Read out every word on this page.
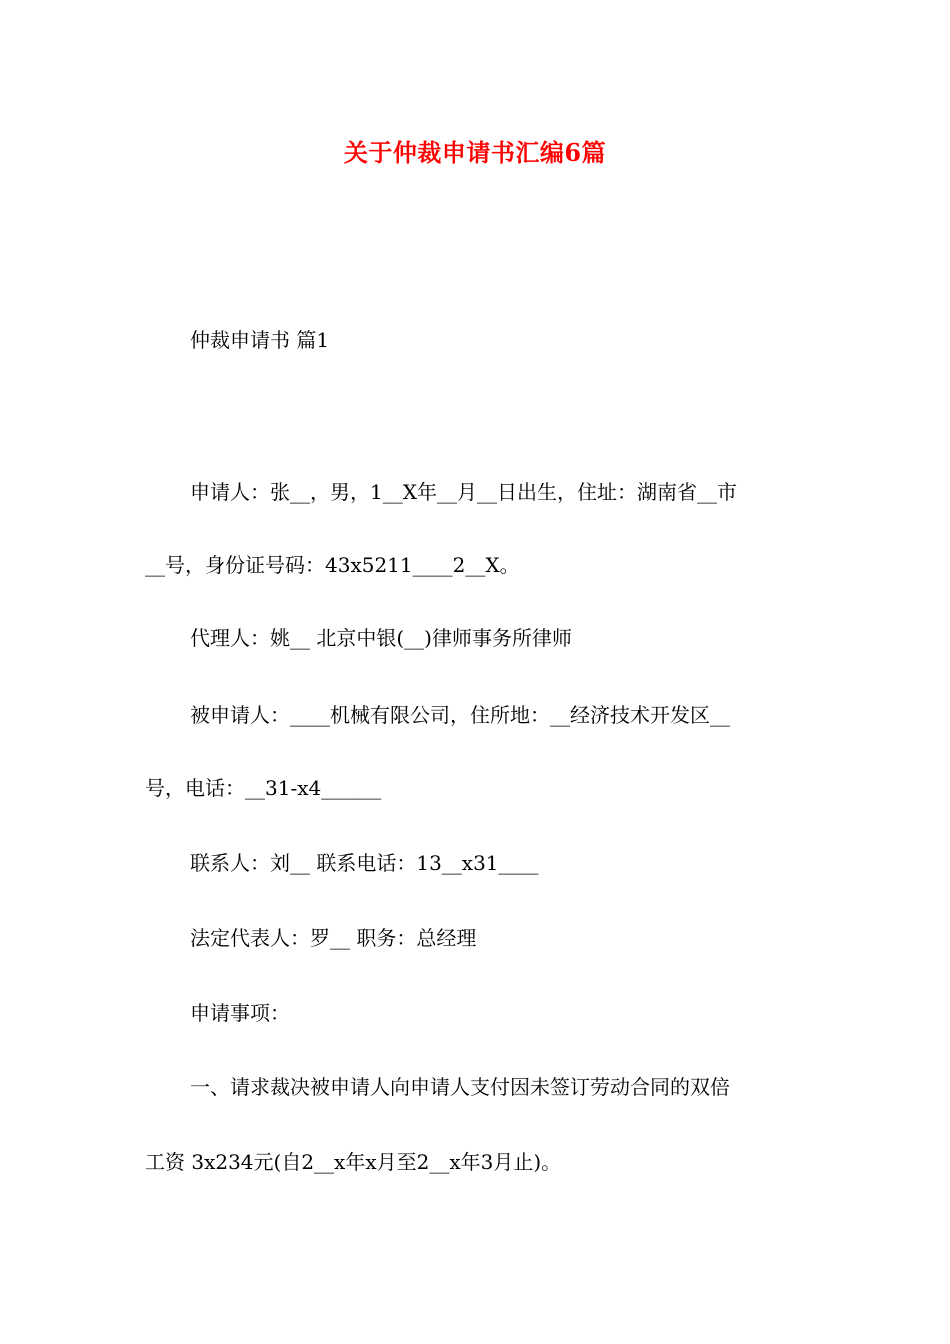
关于仲裁申请书汇编6篇
仲裁申请书 篇1
申请人：张__，男，1__X年__月__日出生，住址：湖南省__市
__号，身份证号码：43x5211____2__X。
代理人：姚__ 北京中银(__)律师事务所律师
被申请人：____机械有限公司，住所地：__经济技术开发区__
号，电话：__31-x4______
联系人：刘__ 联系电话：13__x31____
法定代表人：罗__ 职务：总经理
申请事项：
一、请求裁决被申请人向申请人支付因未签订劳动合同的双倍
工资 3x234元(自2__x年x月至2__x年3月止)。
